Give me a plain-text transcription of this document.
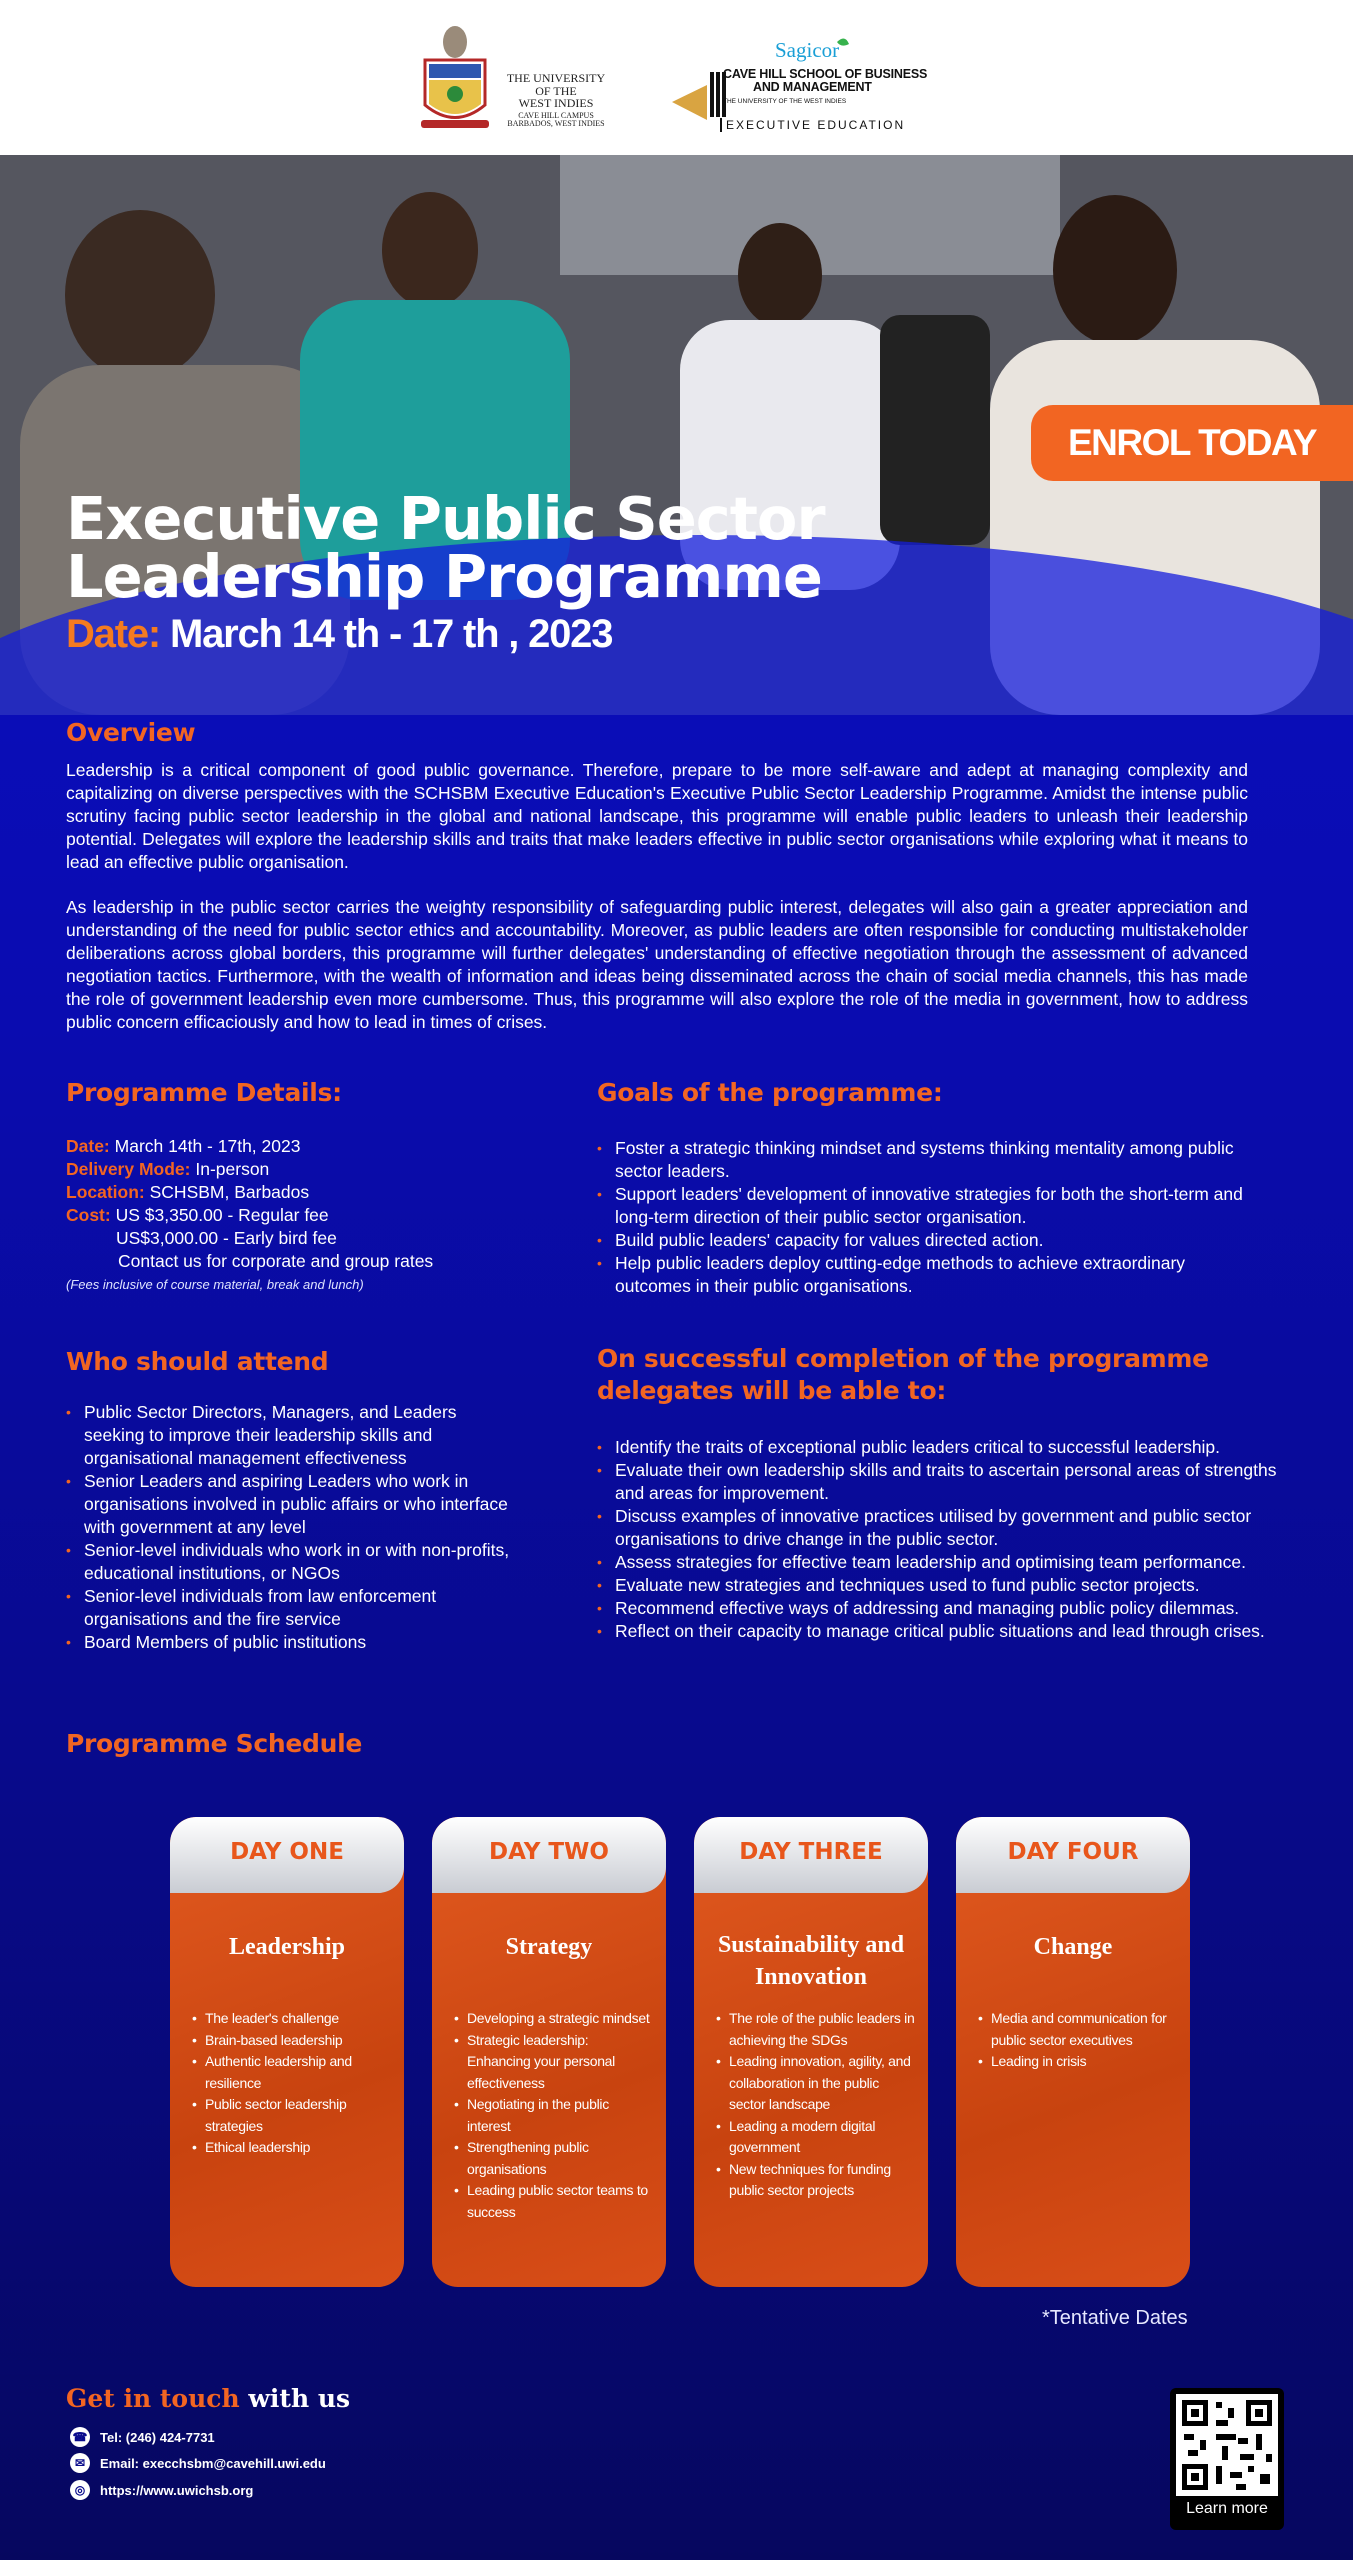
THE UNIVERSITY
OF THE
WEST INDIES
CAVE HILL CAMPUS
BARBADOS, WEST INDIES
Sagicor
CAVE HILL SCHOOL OF BUSINESS
AND MANAGEMENT
THE UNIVERSITY OF THE WEST INDIES
EXECUTIVE EDUCATION
ENROL TODAY
Executive Public Sector
Leadership Programme
Date: March 14 th - 17 th , 2023
Overview

Leadership is a critical component of good public governance. Therefore, prepare to be more self-aware and adept at managing complexity and capitalizing on diverse perspectives with the SCHSBM Executive Education's Executive Public Sector Leadership Programme. Amidst the intense public scrutiny facing public sector leadership in the global and national landscape, this programme will enable public leaders to unleash their leadership potential. Delegates will explore the leadership skills and traits that make leaders effective in public sector organisations while exploring what it means to lead an effective public organisation.

As leadership in the public sector carries the weighty responsibility of safeguarding public interest, delegates will also gain a greater appreciation and understanding of the need for public sector ethics and accountability. Moreover, as public leaders are often responsible for conducting multistakeholder deliberations across global borders, this programme will further delegates' understanding of effective negotiation through the assessment of advanced negotiation tactics. Furthermore, with the wealth of information and ideas being disseminated across the chain of social media channels, this has made the role of government leadership even more cumbersome. Thus, this programme will also explore the role of the media in government, how to address public concern efficaciously and how to lead in times of crises.

Programme Details:
Date: March 14th - 17th, 2023
Delivery Mode: In-person
Location: SCHSBM, Barbados
Cost: US $3,350.00 - Regular fee
US$3,000.00 - Early bird fee
Contact us for corporate and group rates
(Fees inclusive of course material, break and lunch)
Goals of the programme:
• Foster a strategic thinking mindset and systems thinking mentality among public sector leaders.
• Support leaders' development of innovative strategies for both the short-term and long-term direction of their public sector organisation.
• Build public leaders' capacity for values directed action.
• Help public leaders deploy cutting-edge methods to achieve extraordinary outcomes in their public organisations.
Who should attend
• Public Sector Directors, Managers, and Leaders seeking to improve their leadership skills and organisational management effectiveness
• Senior Leaders and aspiring Leaders who work in organisations involved in public affairs or who interface with government at any level
• Senior-level individuals who work in or with non-profits, educational institutions, or NGOs
• Senior-level individuals from law enforcement organisations and the fire service
• Board Members of public institutions
On successful completion of the programme
delegates will be able to:
• Identify the traits of exceptional public leaders critical to successful leadership.
• Evaluate their own leadership skills and traits to ascertain personal areas of strengths and areas for improvement.
• Discuss examples of innovative practices utilised by government and public sector organisations to drive change in the public sector.
• Assess strategies for effective team leadership and optimising team performance.
• Evaluate new strategies and techniques used to fund public sector projects.
• Recommend effective ways of addressing and managing public policy dilemmas.
• Reflect on their capacity to manage critical public situations and lead through crises.
Programme Schedule
DAY ONE
Leadership
• The leader's challenge
• Brain-based leadership
• Authentic leadership and resilience
• Public sector leadership strategies
• Ethical leadership
DAY TWO
Strategy
• Developing a strategic mindset
• Strategic leadership: Enhancing your personal effectiveness
• Negotiating in the public interest
• Strengthening public organisations
• Leading public sector teams to success
DAY THREE
Sustainability and Innovation
• The role of the public leaders in achieving the SDGs
• Leading innovation, agility, and collaboration in the public sector landscape
• Leading a modern digital government
• New techniques for funding public sector projects
DAY FOUR
Change
• Media and communication for public sector executives
• Leading in crisis
*Tentative Dates
Get in touch with us
☎ Tel: (246) 424-7731
✉	Email: execchsbm@cavehill.uwi.edu
◎	https://www.uwichsb.org
Learn more
